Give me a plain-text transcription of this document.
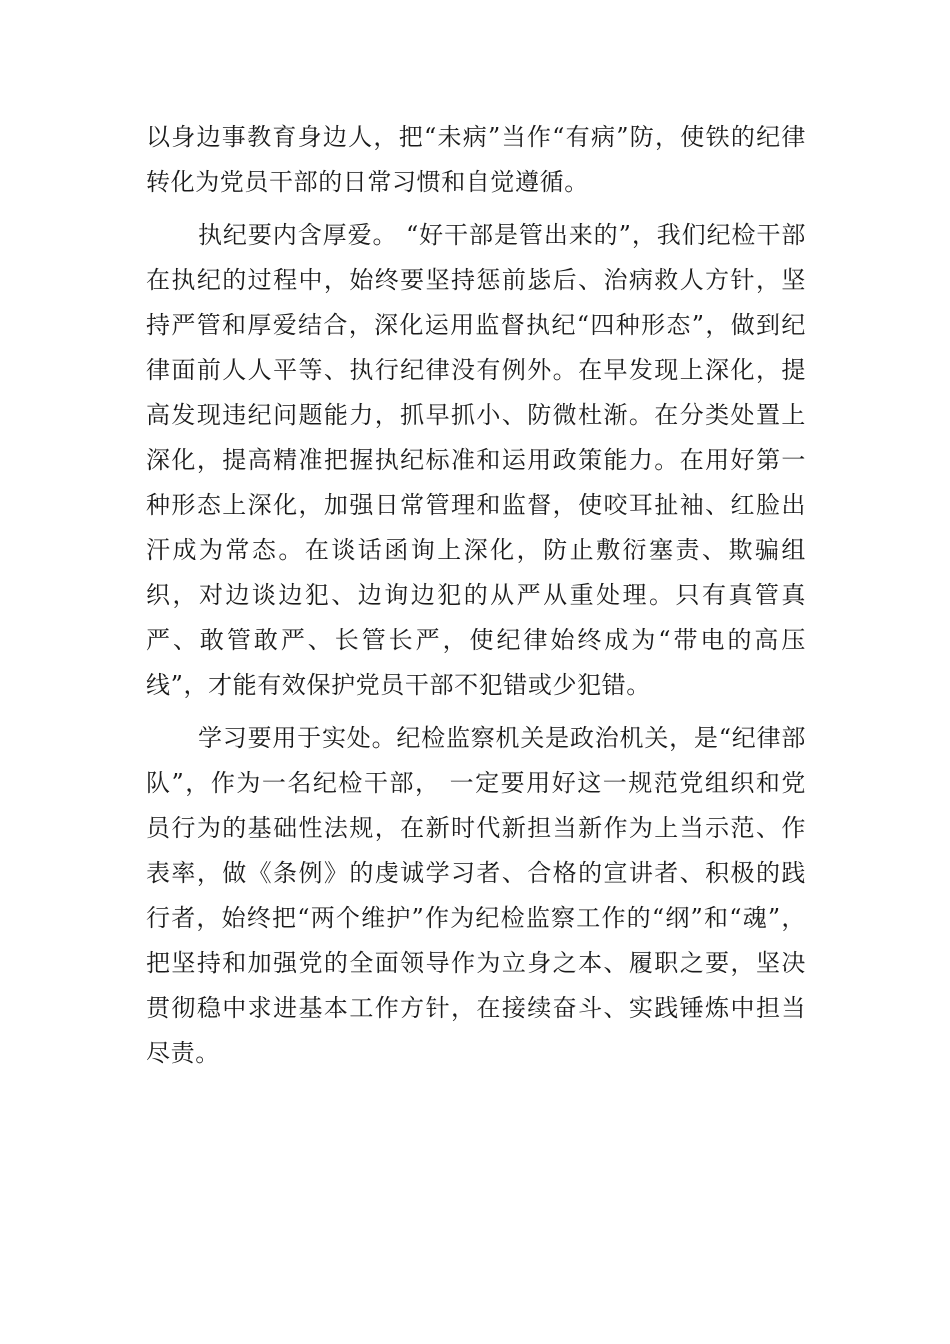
以身边事教育身边人，把“未病”当作“有病”防，使铁的纪律转化为党员干部的日常习惯和自觉遵循。

执纪要内含厚爱。 “好干部是管出来的”，我们纪检干部在执纪的过程中，始终要坚持惩前毖后、治病救人方针，坚持严管和厚爱结合，深化运用监督执纪“四种形态”，做到纪律面前人人平等、执行纪律没有例外。在早发现上深化，提高发现违纪问题能力，抓早抓小、防微杜渐。在分类处置上深化，提高精准把握执纪标准和运用政策能力。在用好第一种形态上深化，加强日常管理和监督，使咬耳扯袖、红脸出汗成为常态。在谈话函询上深化，防止敷衍塞责、欺骗组织，对边谈边犯、边询边犯的从严从重处理。只有真管真严、敢管敢严、长管长严，使纪律始终成为“带电的高压线”，才能有效保护党员干部不犯错或少犯错。

学习要用于实处。纪检监察机关是政治机关，是“纪律部队”，作为一名纪检干部， 一定要用好这一规范党组织和党员行为的基础性法规，在新时代新担当新作为上当示范、作表率，做《条例》的虔诚学习者、合格的宣讲者、积极的践行者，始终把“两个维护”作为纪检监察工作的“纲”和“魂”，把坚持和加强党的全面领导作为立身之本、履职之要，坚决贯彻稳中求进基本工作方针，在接续奋斗、实践锤炼中担当尽责。
